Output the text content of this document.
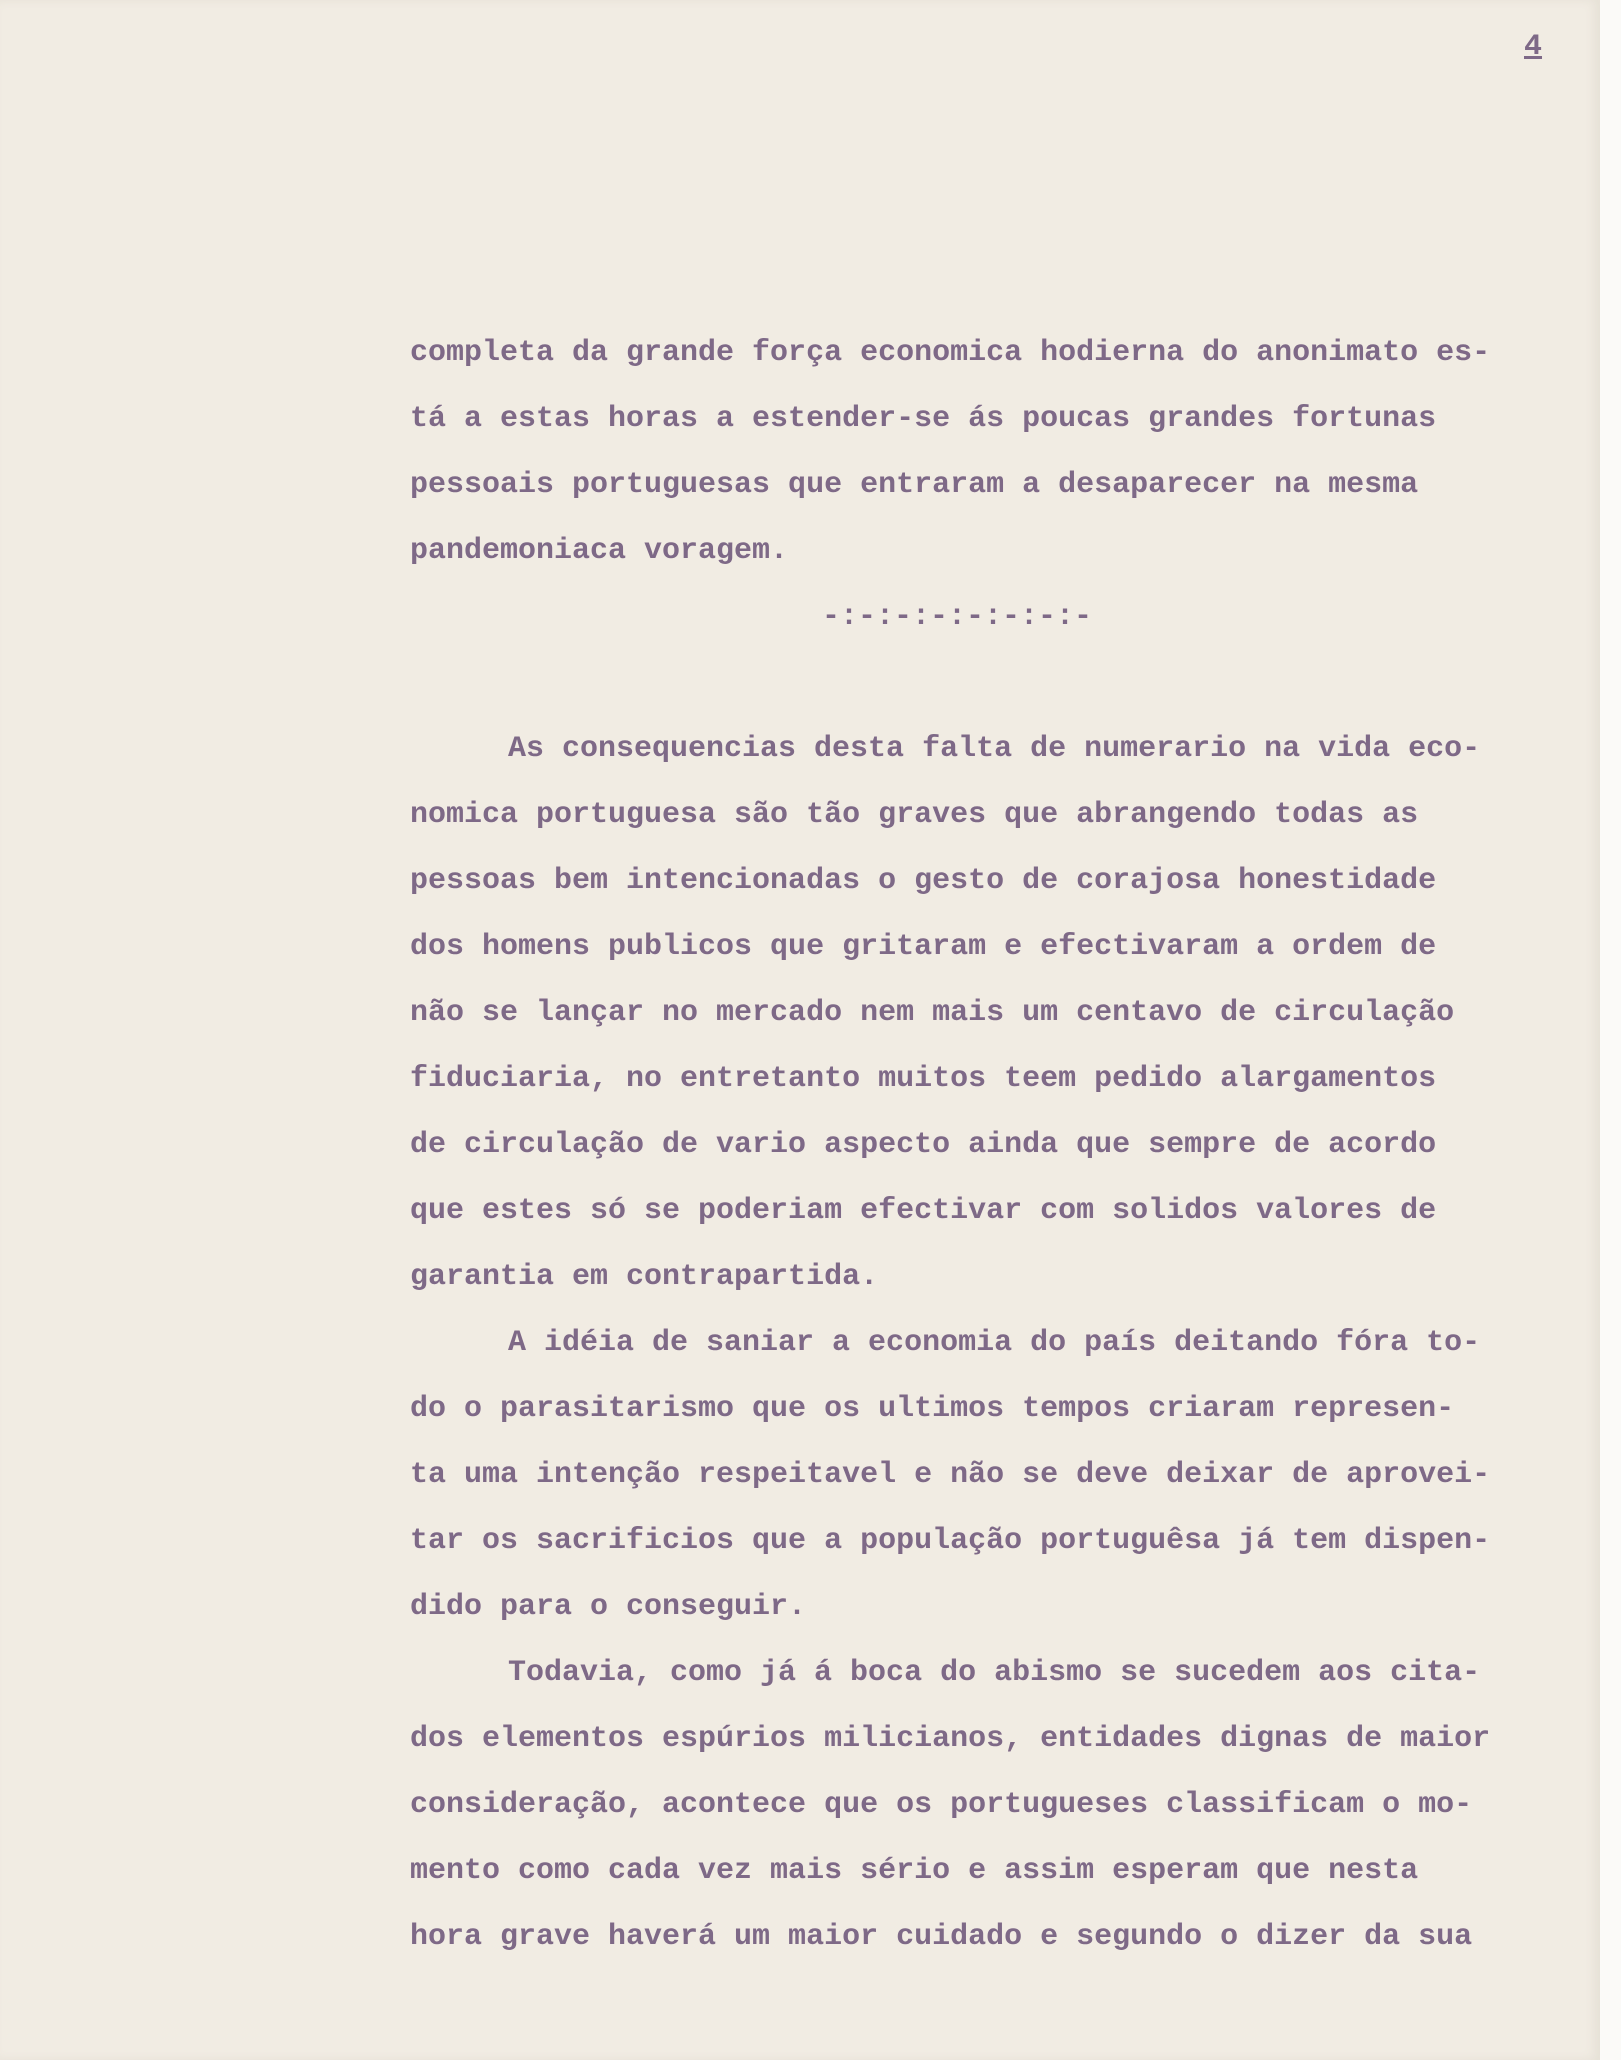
4
completa da grande força economica hodierna do anonimato es-
tá a estas horas a estender-se ás poucas grandes fortunas
pessoais portuguesas que entraram a desaparecer na mesma
pandemoniaca voragem.
-:-:-:-:-:-:-:-
As consequencias desta falta de numerario na vida eco-
nomica portuguesa são tão graves que abrangendo todas as
pessoas bem intencionadas o gesto de corajosa honestidade
dos homens publicos que gritaram e efectivaram a ordem de
não se lançar no mercado nem mais um centavo de circulação
fiduciaria, no entretanto muitos teem pedido alargamentos
de circulação de vario aspecto ainda que sempre de acordo
que estes só se poderiam efectivar com solidos valores de
garantia em contrapartida.
A idéia de saniar a economia do país deitando fóra to-
do o parasitarismo que os ultimos tempos criaram represen-
ta uma intenção respeitavel e não se deve deixar de aprovei-
tar os sacrificios que a população portuguêsa já tem dispen-
dido para o conseguir.
Todavia, como já á boca do abismo se sucedem aos cita-
dos elementos espúrios milicianos, entidades dignas de maior
consideração, acontece que os portugueses classificam o mo-
mento como cada vez mais sério e assim esperam que nesta
hora grave haverá um maior cuidado e segundo o dizer da sua
